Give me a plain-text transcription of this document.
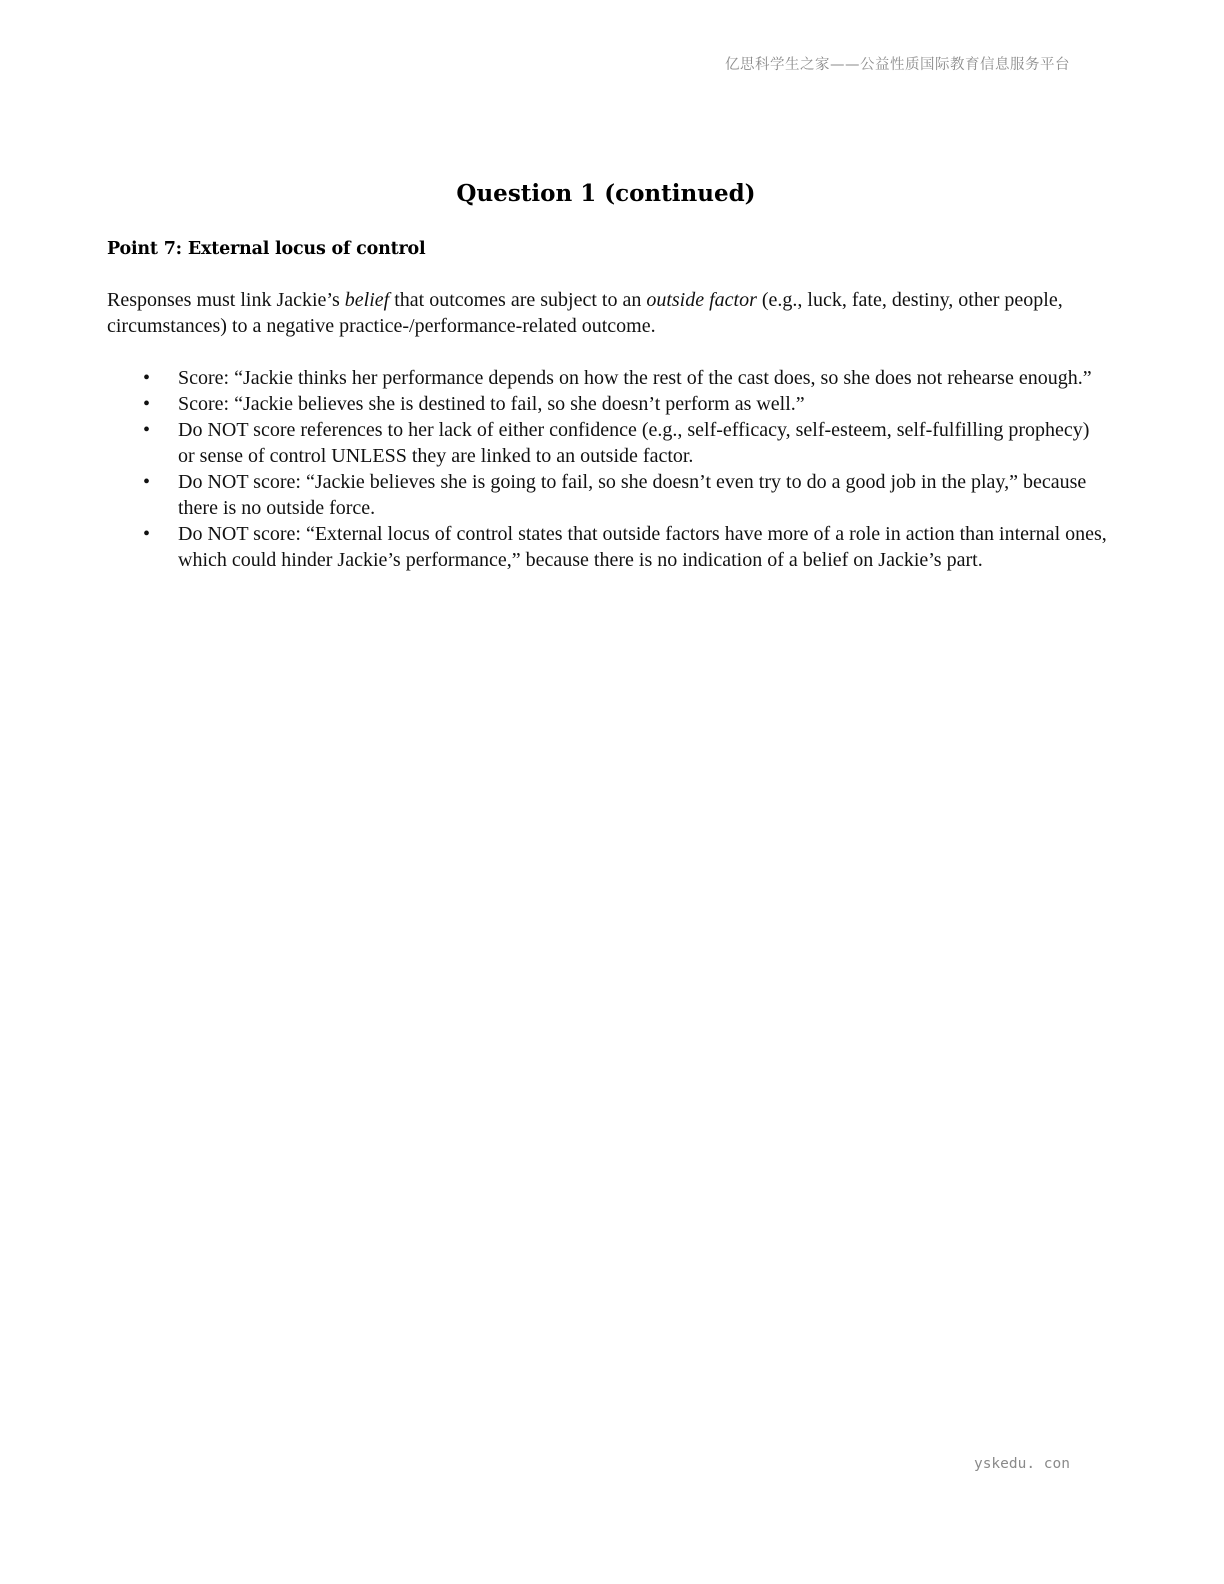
亿思科学生之家——公益性质国际教育信息服务平台
Question 1 (continued)
Point 7: External locus of control

Responses must link Jackie’s belief that outcomes are subject to an outside factor (e.g., luck, fate, destiny, other people, circumstances) to a negative practice-/performance-related outcome.

• Score: “Jackie thinks her performance depends on how the rest of the cast does, so she does not rehearse enough.”
• Score: “Jackie believes she is destined to fail, so she doesn’t perform as well.”
• Do NOT score references to her lack of either confidence (e.g., self-efficacy, self-esteem, self-fulfilling prophecy) or sense of control UNLESS they are linked to an outside factor.
• Do NOT score: “Jackie believes she is going to fail, so she doesn’t even try to do a good job in the play,” because there is no outside force.
• Do NOT score: “External locus of control states that outside factors have more of a role in action than internal ones, which could hinder Jackie’s performance,” because there is no indication of a belief on Jackie’s part.
yskedu. con
